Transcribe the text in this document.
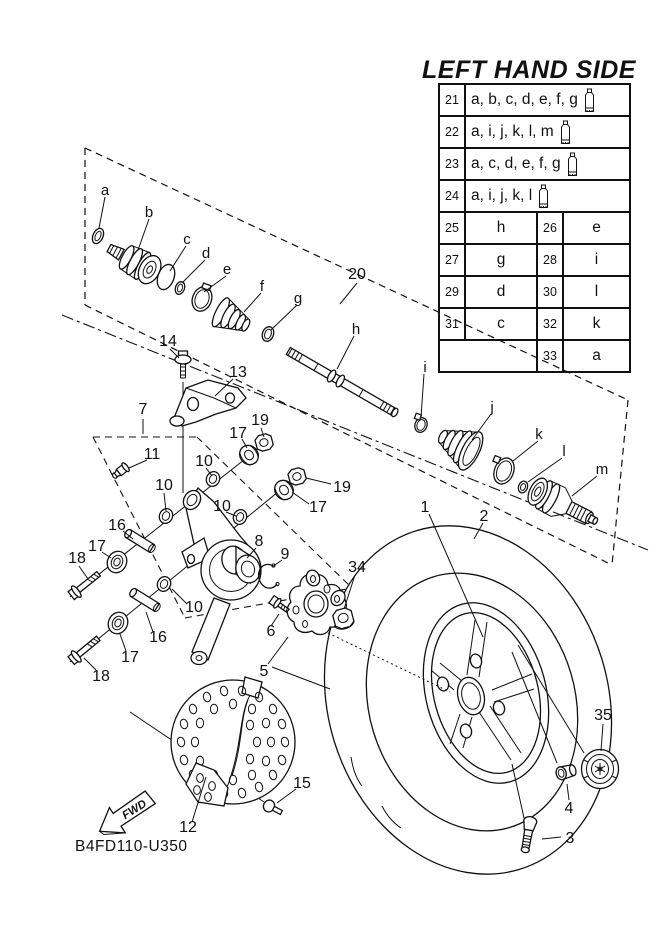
LEFT HAND SIDE
21	a, b, c, d, e, f, g		

22	a, i, j, k, l, m		

23	a, c, d, e, f, g		

24	a, i, j, k, l		

25	h	26	e
27	g	28	i
29	d	30	l
31	c	32	k
		33	a
B4FD110-U350
FWD
20
14
13
7
19
17
19
17
11 10
10
10
10
16
17
18
16
17
18
8
9
6
5
34
1
2
35
4
3
12
15
a
b
c
d
e
f
g
h
i
j
k
l
m
